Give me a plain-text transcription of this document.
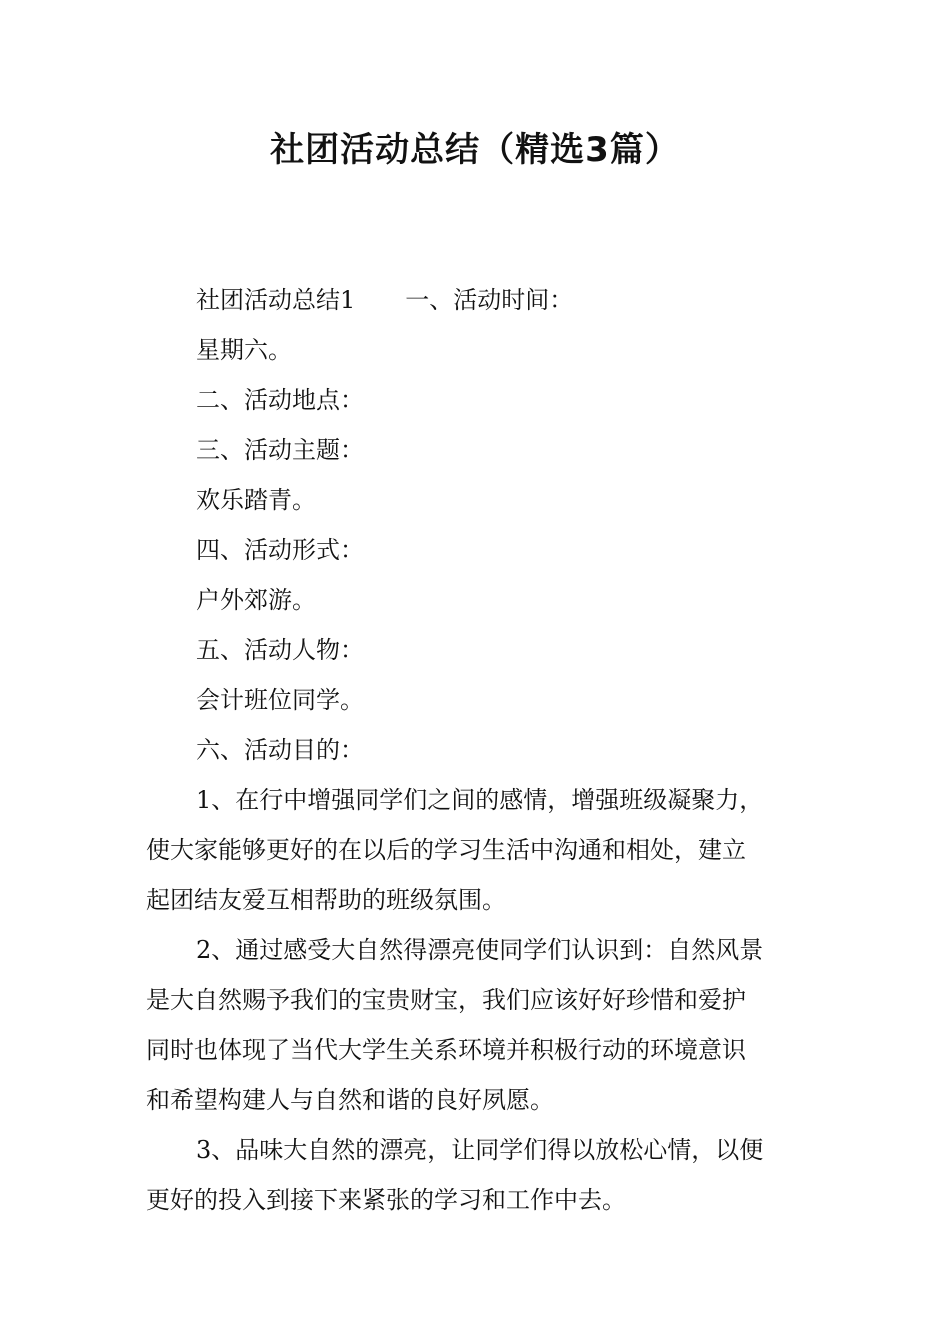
社团活动总结（精选3篇）
社团活动总结1 一、活动时间：
星期六。
二、活动地点：
三、活动主题：
欢乐踏青。
四、活动形式：
户外郊游。
五、活动人物：
会计班位同学。
六、活动目的：
1、在行中增强同学们之间的感情，增强班级凝聚力，
使大家能够更好的在以后的学习生活中沟通和相处，建立
起团结友爱互相帮助的班级氛围。
2、通过感受大自然得漂亮使同学们认识到：自然风景
是大自然赐予我们的宝贵财宝，我们应该好好珍惜和爱护
同时也体现了当代大学生关系环境并积极行动的环境意识
和希望构建人与自然和谐的良好夙愿。
3、品味大自然的漂亮，让同学们得以放松心情，以便
更好的投入到接下来紧张的学习和工作中去。
